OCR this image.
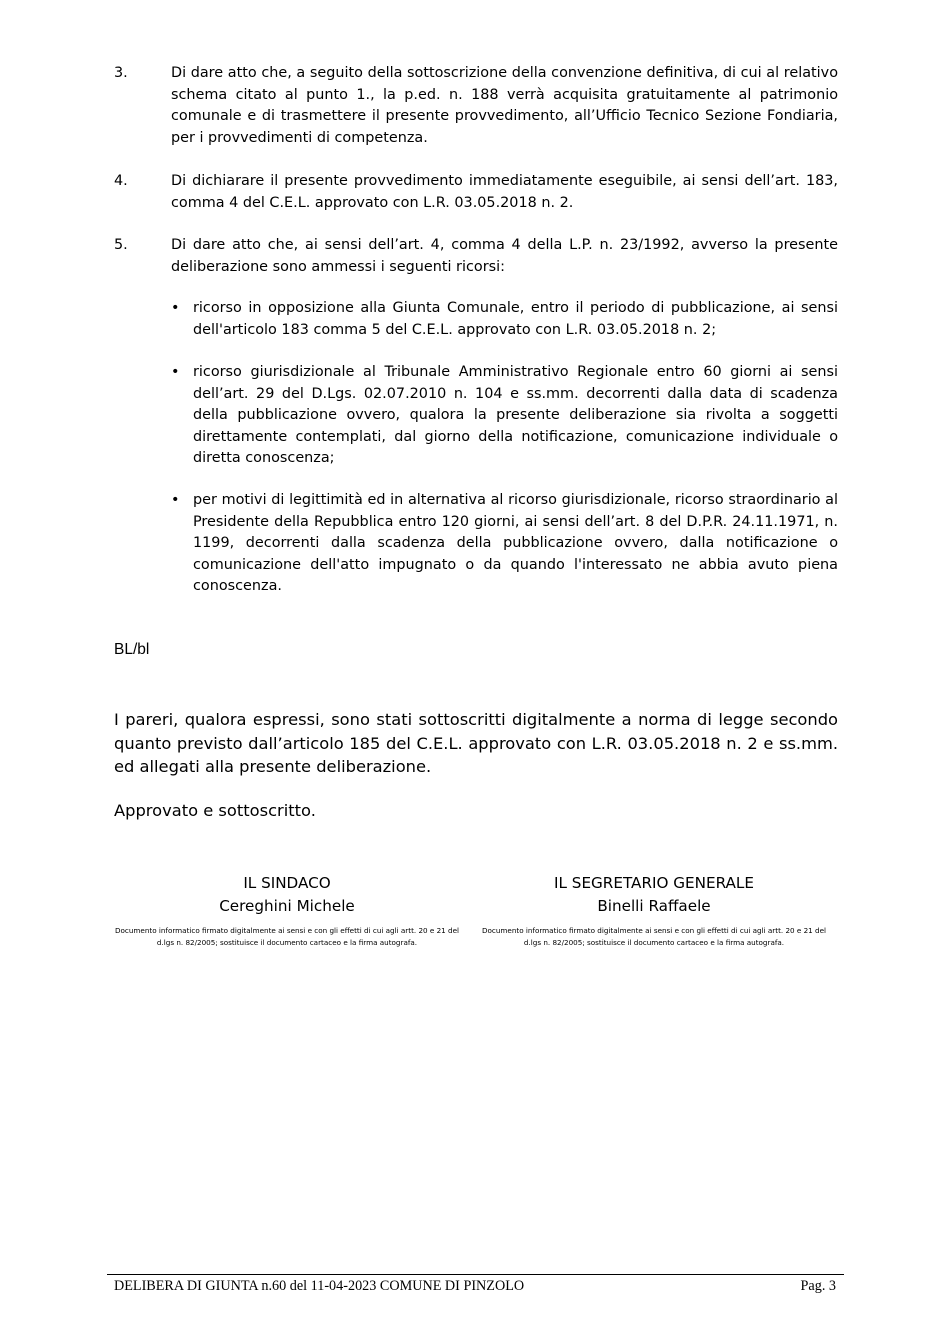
3.	Di dare atto che, a seguito della sottoscrizione della convenzione definitiva, di cui al relativo schema citato al punto 1., la p.ed. n. 188 verrà acquisita gratuitamente al patrimonio comunale e di trasmettere il presente provvedimento, all’Ufficio Tecnico Sezione Fondiaria, per i provvedimenti di competenza.
4.	Di dichiarare il presente provvedimento immediatamente eseguibile, ai sensi dell’art. 183, comma 4 del C.E.L. approvato con L.R. 03.05.2018 n. 2.
5.	Di dare atto che, ai sensi dell’art. 4, comma 4 della L.P. n. 23/1992, avverso la presente deliberazione sono ammessi i seguenti ricorsi:
• ricorso in opposizione alla Giunta Comunale, entro il periodo di pubblicazione, ai sensi dell'articolo 183 comma 5 del C.E.L. approvato con L.R. 03.05.2018 n. 2;
• ricorso giurisdizionale al Tribunale Amministrativo Regionale entro 60 giorni ai sensi dell’art. 29 del D.Lgs. 02.07.2010 n. 104 e ss.mm. decorrenti dalla data di scadenza della pubblicazione ovvero, qualora la presente deliberazione sia rivolta a soggetti direttamente contemplati, dal giorno della notificazione, comunicazione individuale o diretta conoscenza;
• per motivi di legittimità ed in alternativa al ricorso giurisdizionale, ricorso straordinario al Presidente della Repubblica entro 120 giorni, ai sensi dell’art. 8 del D.P.R. 24.11.1971, n. 1199, decorrenti dalla scadenza della pubblicazione ovvero, dalla notificazione o comunicazione dell'atto impugnato o da quando l'interessato ne abbia avuto piena conoscenza.
BL/bl
I pareri, qualora espressi, sono stati sottoscritti digitalmente a norma di legge secondo quanto previsto dall’articolo 185 del C.E.L. approvato con L.R. 03.05.2018 n. 2 e ss.mm. ed allegati alla presente deliberazione.
Approvato e sottoscritto.
IL SINDACO
Cereghini Michele
Documento informatico firmato digitalmente ai sensi e con gli effetti di cui agli artt. 20 e 21 del d.lgs n. 82/2005; sostituisce il documento cartaceo e la firma autografa.
IL SEGRETARIO GENERALE
Binelli Raffaele
Documento informatico firmato digitalmente ai sensi e con gli effetti di cui agli artt. 20 e 21 del d.lgs n. 82/2005; sostituisce il documento cartaceo e la firma autografa.
DELIBERA DI GIUNTA n.60 del 11-04-2023 COMUNE DI PINZOLO	Pag. 3
